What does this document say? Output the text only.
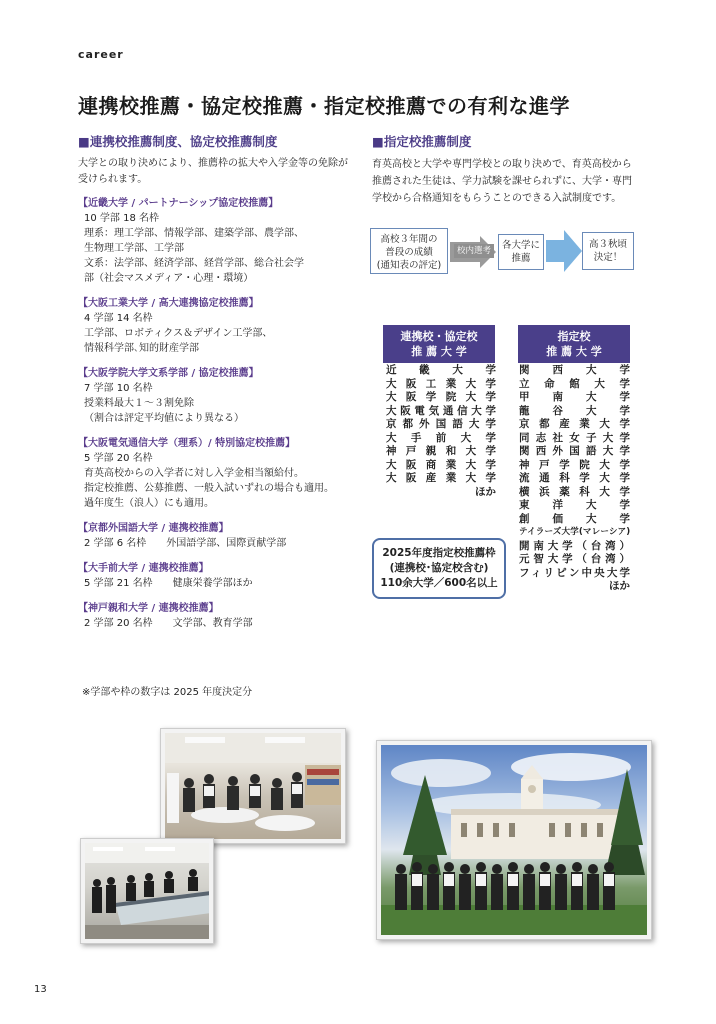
career
連携校推薦・協定校推薦・指定校推薦での有利な進学
■連携校推薦制度、協定校推薦制度

大学との取り決めにより、推薦枠の拡大や入学金等の免除が受けられます。

【近畿大学 / パートナーシップ協定校推薦】
10 学部 18 名枠
理系：理工学部、情報学部、建築学部、農学部、
生物理工学部、工学部
文系：法学部、経済学部、経営学部、総合社会学
部（社会マスメディア・心理・環境）
【大阪工業大学 / 高大連携協定校推薦】
4 学部 14 名枠
工学部、ロボティクス＆デザイン工学部、
情報科学部､知的財産学部
【大阪学院大学文系学部 / 協定校推薦】
7 学部 10 名枠
授業料最大１～３割免除
（割合は評定平均値により異なる）
【大阪電気通信大学（理系）/ 特別協定校推薦】
5 学部 20 名枠
育英高校からの入学者に対し入学金相当額給付。
指定校推薦、公募推薦、一般入試いずれの場合も適用。
過年度生（浪人）にも適用。
【京都外国語大学 / 連携校推薦】
2 学部 6 名枠　　外国語学部、国際貢献学部
【大手前大学 / 連携校推薦】
5 学部 21 名枠　　健康栄養学部ほか
【神戸親和大学 / 連携校推薦】
2 学部 20 名枠　　文学部、教育学部
※学部や枠の数字は 2025 年度決定分
■指定校推薦制度

育英高校と大学や専門学校との取り決めで、育英高校から推薦された生徒は、学力試験を課せられずに、大学・専門学校から合格通知をもらうことのできる入試制度です。

高校３年間の
普段の成績
(通知表の評定)
校内選考	各大学に
推薦
高３秋頃
決定！
連携校・協定校
推 薦 大 学
近畿大学
大阪工業大学
大阪学院大学
大阪電気通信大学
京都外国語大学
大手前大学
神戸親和大学
大阪商業大学
大阪産業大学
ほか
指定校
推 薦 大 学
関西大学
立命館大学
甲南大学
龍谷大学
京都産業大学
同志社女子大学
関西外国語大学
神戸学院大学
流通科学大学
横浜薬科大学
東洋大学
創価大学
テイラーズ大学(マレーシア)
開南大学（台湾）
元智大学（台湾）
フィリピン中央大学
ほか
2025年度指定校推薦枠
(連携校･協定校含む)
110余大学／600名以上
13
